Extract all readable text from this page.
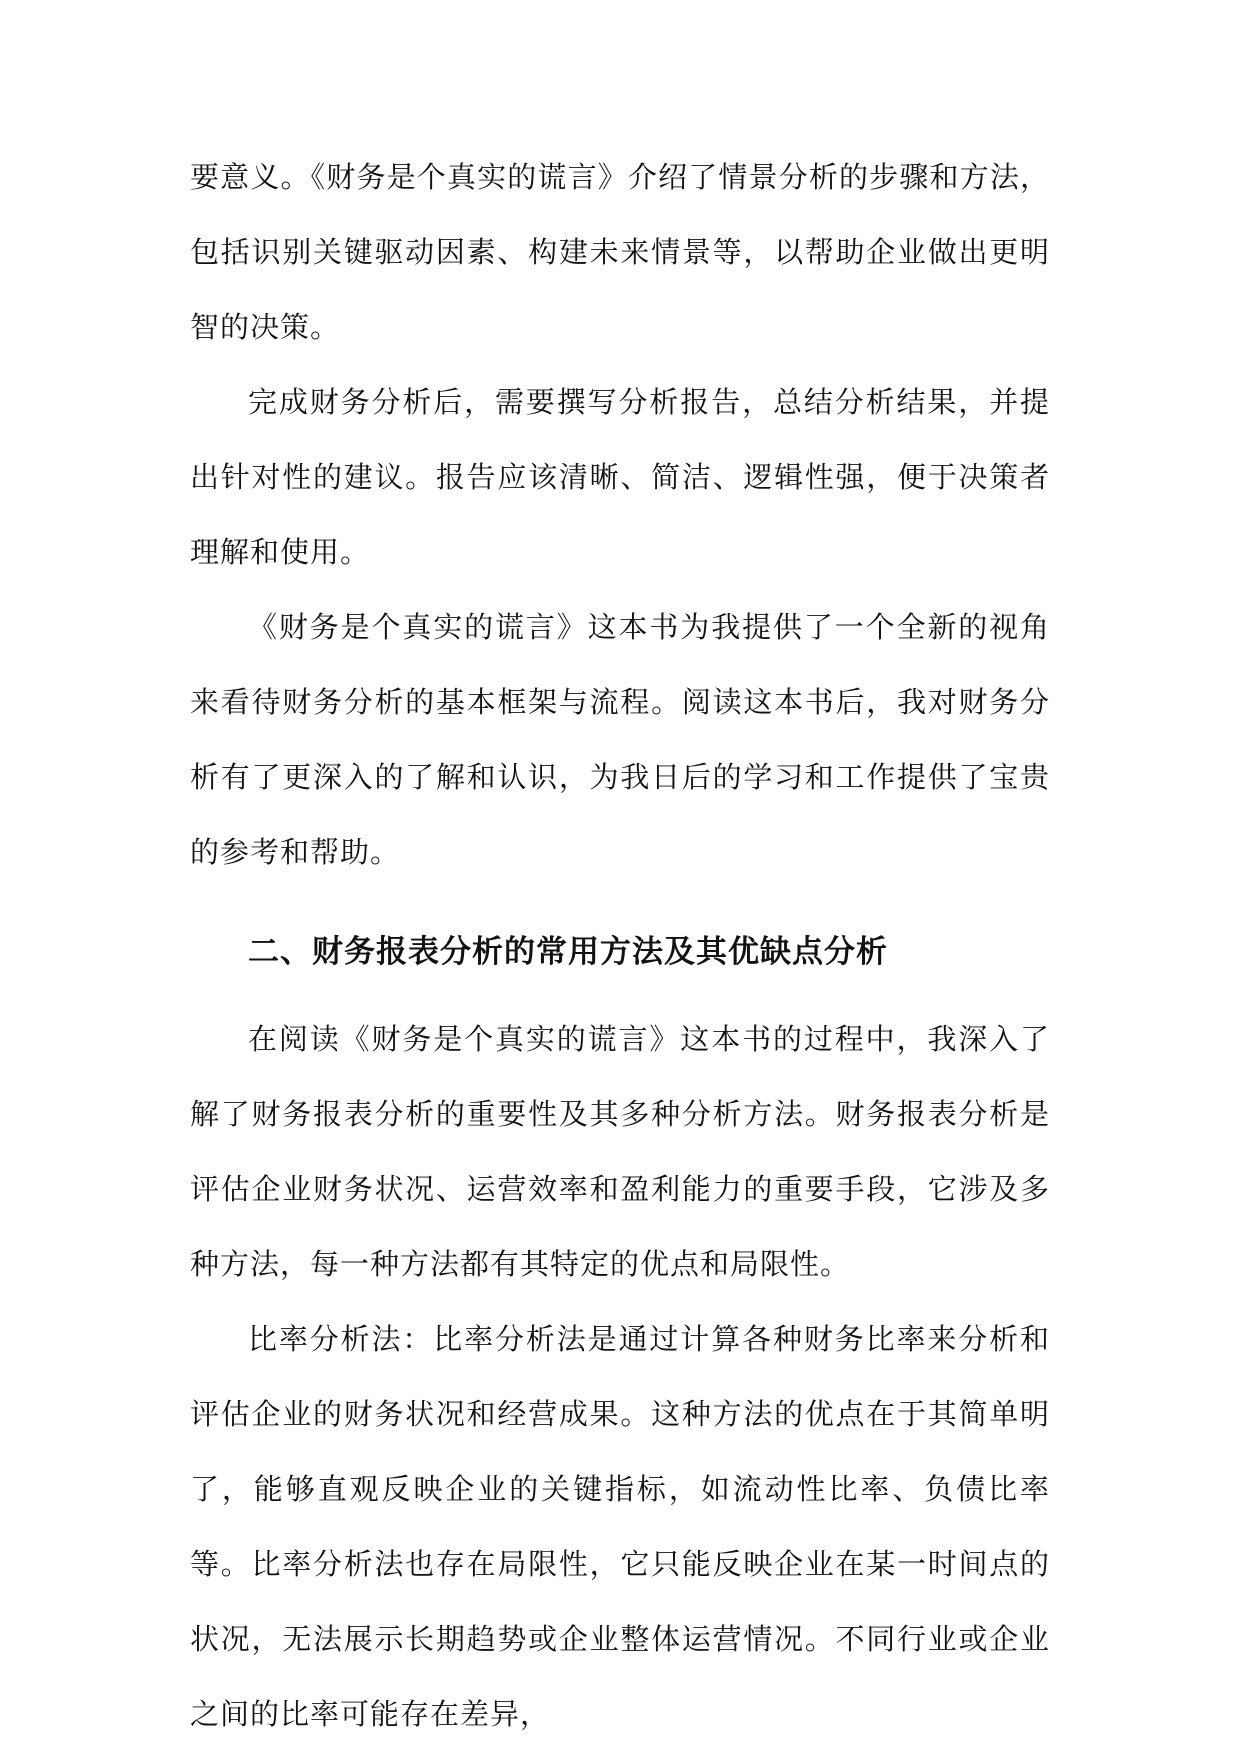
要意义。《财务是个真实的谎言》介绍了情景分析的步骤和方法，包括识别关键驱动因素、构建未来情景等，以帮助企业做出更明智的决策。

完成财务分析后，需要撰写分析报告，总结分析结果，并提出针对性的建议。报告应该清晰、简洁、逻辑性强，便于决策者理解和使用。

《财务是个真实的谎言》这本书为我提供了一个全新的视角来看待财务分析的基本框架与流程。阅读这本书后，我对财务分析有了更深入的了解和认识，为我日后的学习和工作提供了宝贵的参考和帮助。

二、财务报表分析的常用方法及其优缺点分析

在阅读《财务是个真实的谎言》这本书的过程中，我深入了解了财务报表分析的重要性及其多种分析方法。财务报表分析是评估企业财务状况、运营效率和盈利能力的重要手段，它涉及多种方法，每一种方法都有其特定的优点和局限性。

比率分析法：比率分析法是通过计算各种财务比率来分析和评估企业的财务状况和经营成果。这种方法的优点在于其简单明了，能够直观反映企业的关键指标，如流动性比率、负债比率等。比率分析法也存在局限性，它只能反映企业在某一时间点的状况，无法展示长期趋势或企业整体运营情况。不同行业或企业之间的比率可能存在差异，
